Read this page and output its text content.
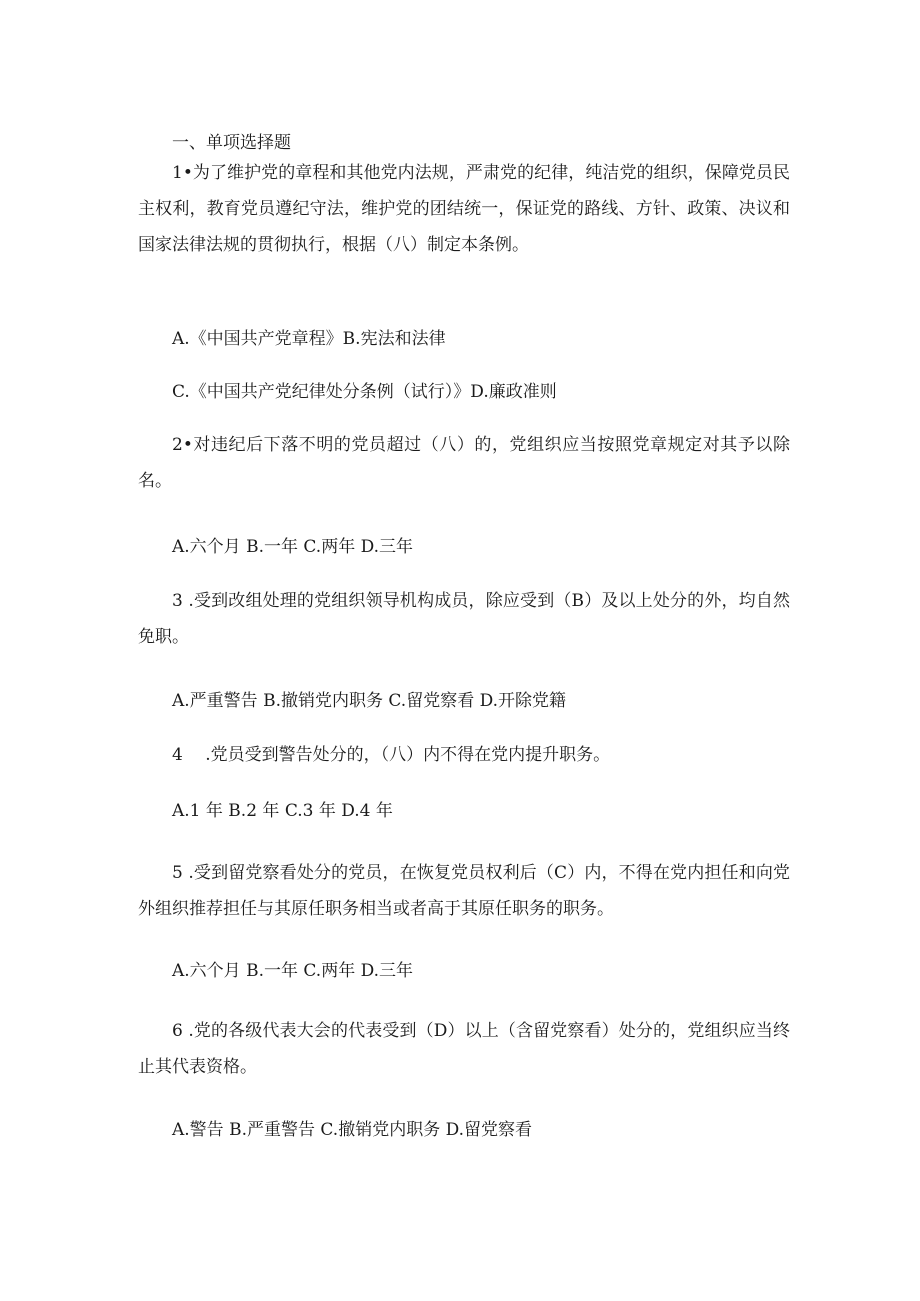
一、单项选择题
1•为了维护党的章程和其他党内法规，严肃党的纪律，纯洁党的组织，保障党员民主权利，教育党员遵纪守法，维护党的团结统一，保证党的路线、方针、政策、决议和国家法律法规的贯彻执行，根据（八）制定本条例。
A.《中国共产党章程》B.宪法和法律
C.《中国共产党纪律处分条例（试行）》D.廉政准则
2•对违纪后下落不明的党员超过（八）的，党组织应当按照党章规定对其予以除名。
A.六个月 B.一年 C.两年 D.三年
3 .受到改组处理的党组织领导机构成员，除应受到（B）及以上处分的外，均自然免职。
A.严重警告 B.撤销党内职务 C.留党察看 D.开除党籍
4　 .党员受到警告处分的，（八）内不得在党内提升职务。
A.1 年 B.2 年 C.3 年 D.4 年
5 .受到留党察看处分的党员，在恢复党员权利后（C）内，不得在党内担任和向党外组织推荐担任与其原任职务相当或者高于其原任职务的职务。
A.六个月 B.一年 C.两年 D.三年
6 .党的各级代表大会的代表受到（D）以上（含留党察看）处分的，党组织应当终止其代表资格。
A.警告 B.严重警告 C.撤销党内职务 D.留党察看
